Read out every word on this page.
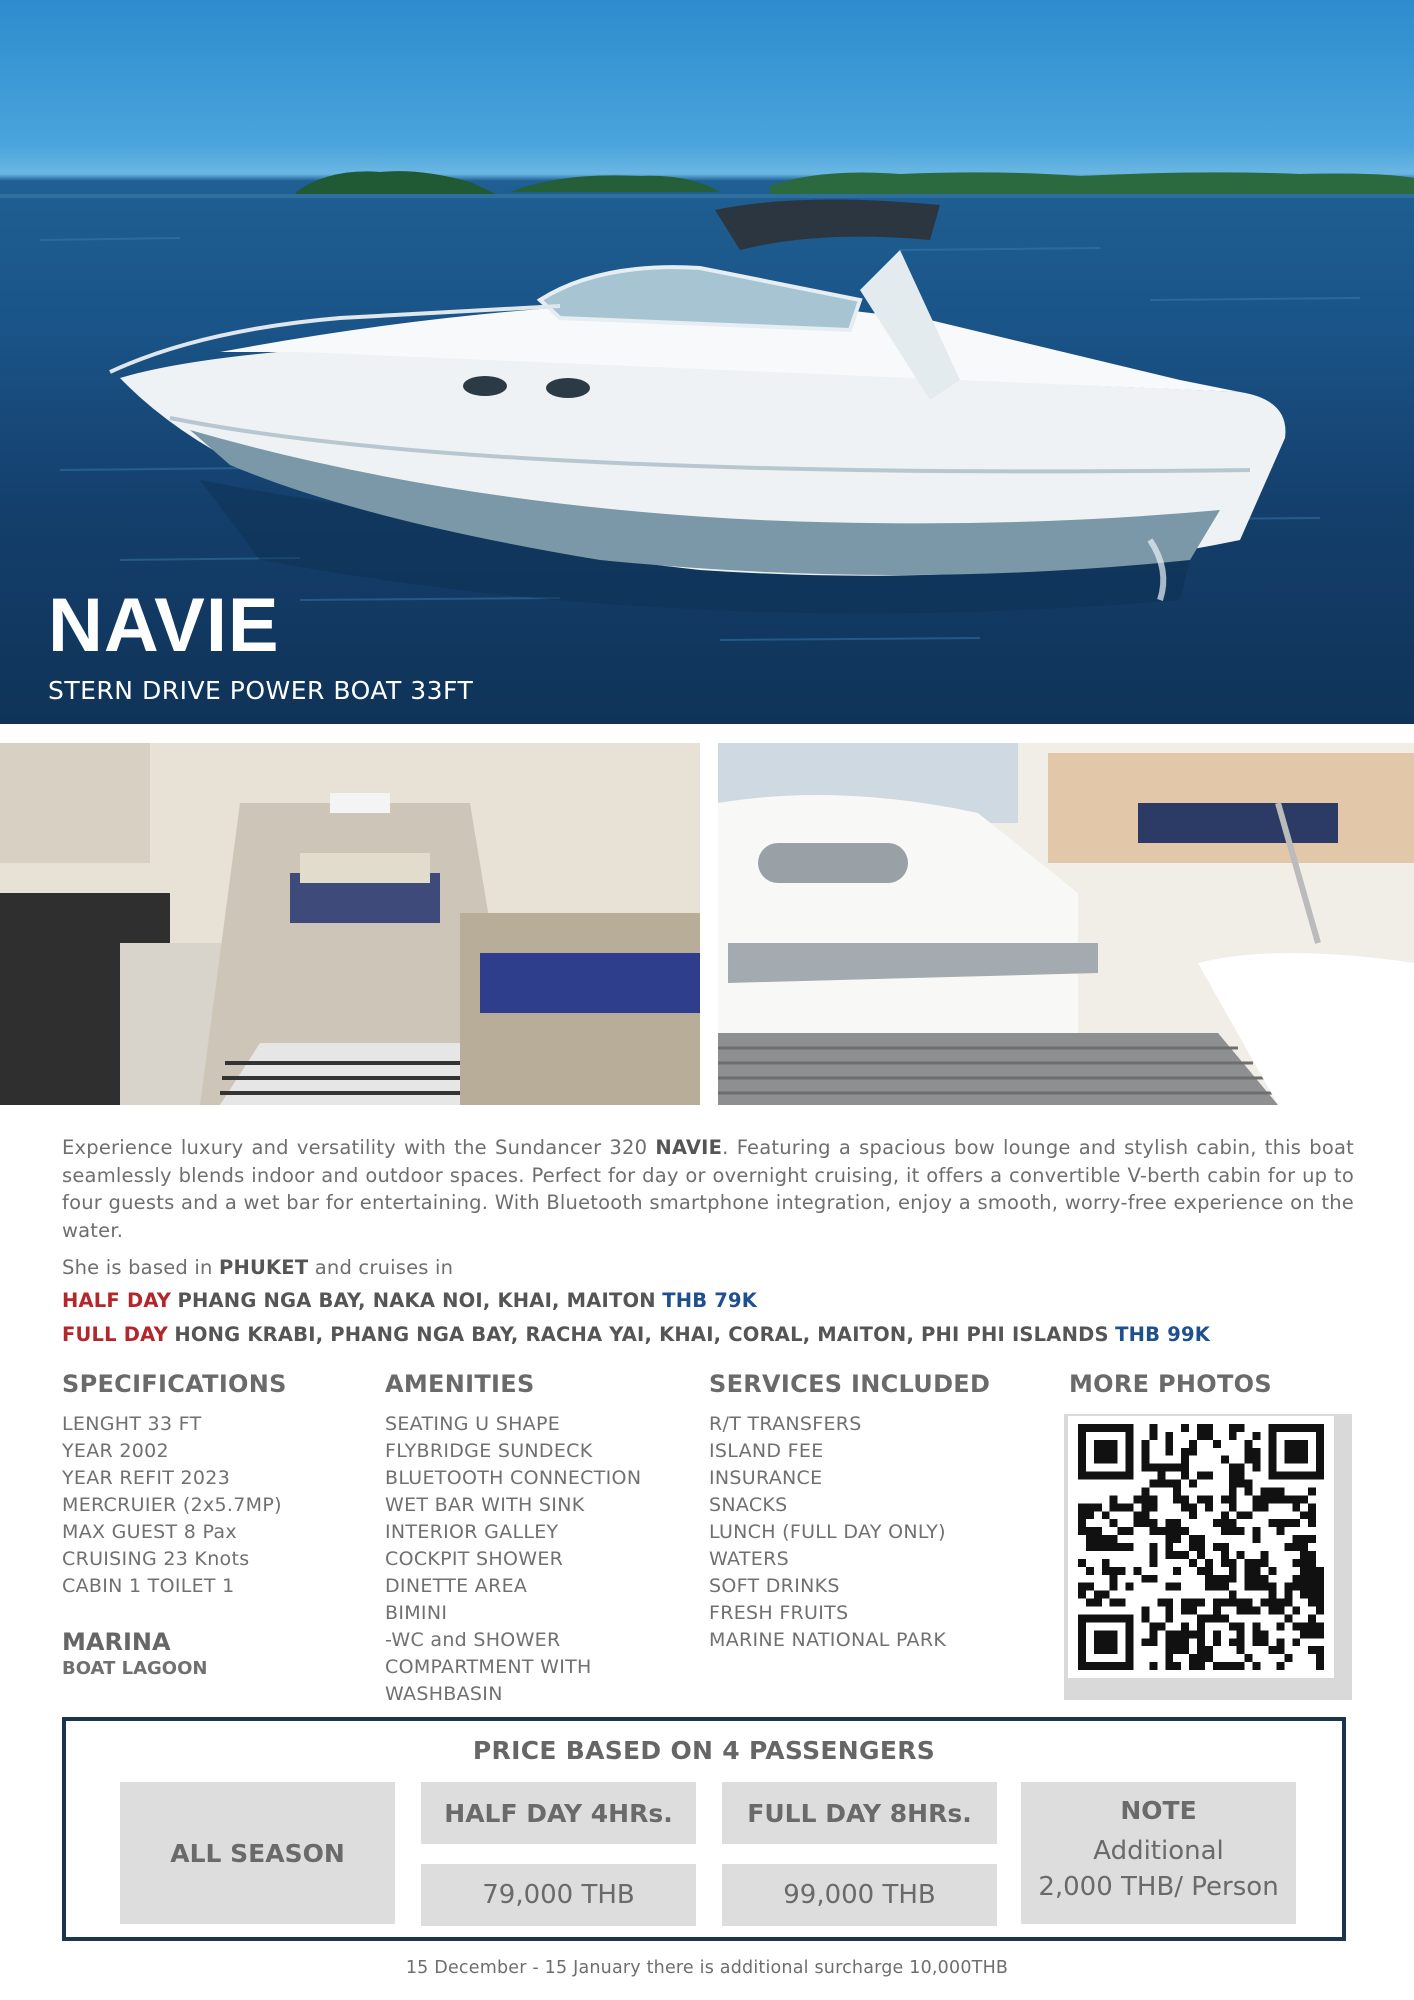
NAVIE
STERN DRIVE POWER BOAT 33FT
Experience luxury and versatility with the Sundancer 320 NAVIE. Featuring a spacious bow lounge and stylish cabin, this boat seamlessly blends indoor and outdoor spaces. Perfect for day or overnight cruising, it offers a convertible V-berth cabin for up to four guests and a wet bar for entertaining. With Bluetooth smartphone integration, enjoy a smooth, worry-free experience on the water.
She is based in PHUKET and cruises in
HALF DAY PHANG NGA BAY, NAKA NOI, KHAI, MAITON THB 79K
FULL DAY HONG KRABI, PHANG NGA BAY, RACHA YAI, KHAI, CORAL, MAITON, PHI PHI ISLANDS THB 99K
SPECIFICATIONS
LENGHT 33 FT
YEAR 2002
YEAR REFIT 2023
MERCRUIER (2x5.7MP)
MAX GUEST 8 Pax
CRUISING 23 Knots
CABIN 1 TOILET 1
MARINA
BOAT LAGOON
AMENITIES
SEATING U SHAPE
FLYBRIDGE SUNDECK
BLUETOOTH CONNECTION
WET BAR WITH SINK
INTERIOR GALLEY
COCKPIT SHOWER
DINETTE AREA
BIMINI
-WC and SHOWER
COMPARTMENT WITH
WASHBASIN
SERVICES INCLUDED
R/T TRANSFERS
ISLAND FEE
INSURANCE
SNACKS
LUNCH (FULL DAY ONLY)
WATERS
SOFT DRINKS
FRESH FRUITS
MARINE NATIONAL PARK
MORE PHOTOS
PRICE BASED ON 4 PASSENGERS
ALL SEASON
HALF DAY 4HRs.	FULL DAY 8HRs.
79,000 THB	99,000 THB
NOTE
Additional
2,000 THB/ Person
15 December - 15 January there is additional surcharge 10,000THB
